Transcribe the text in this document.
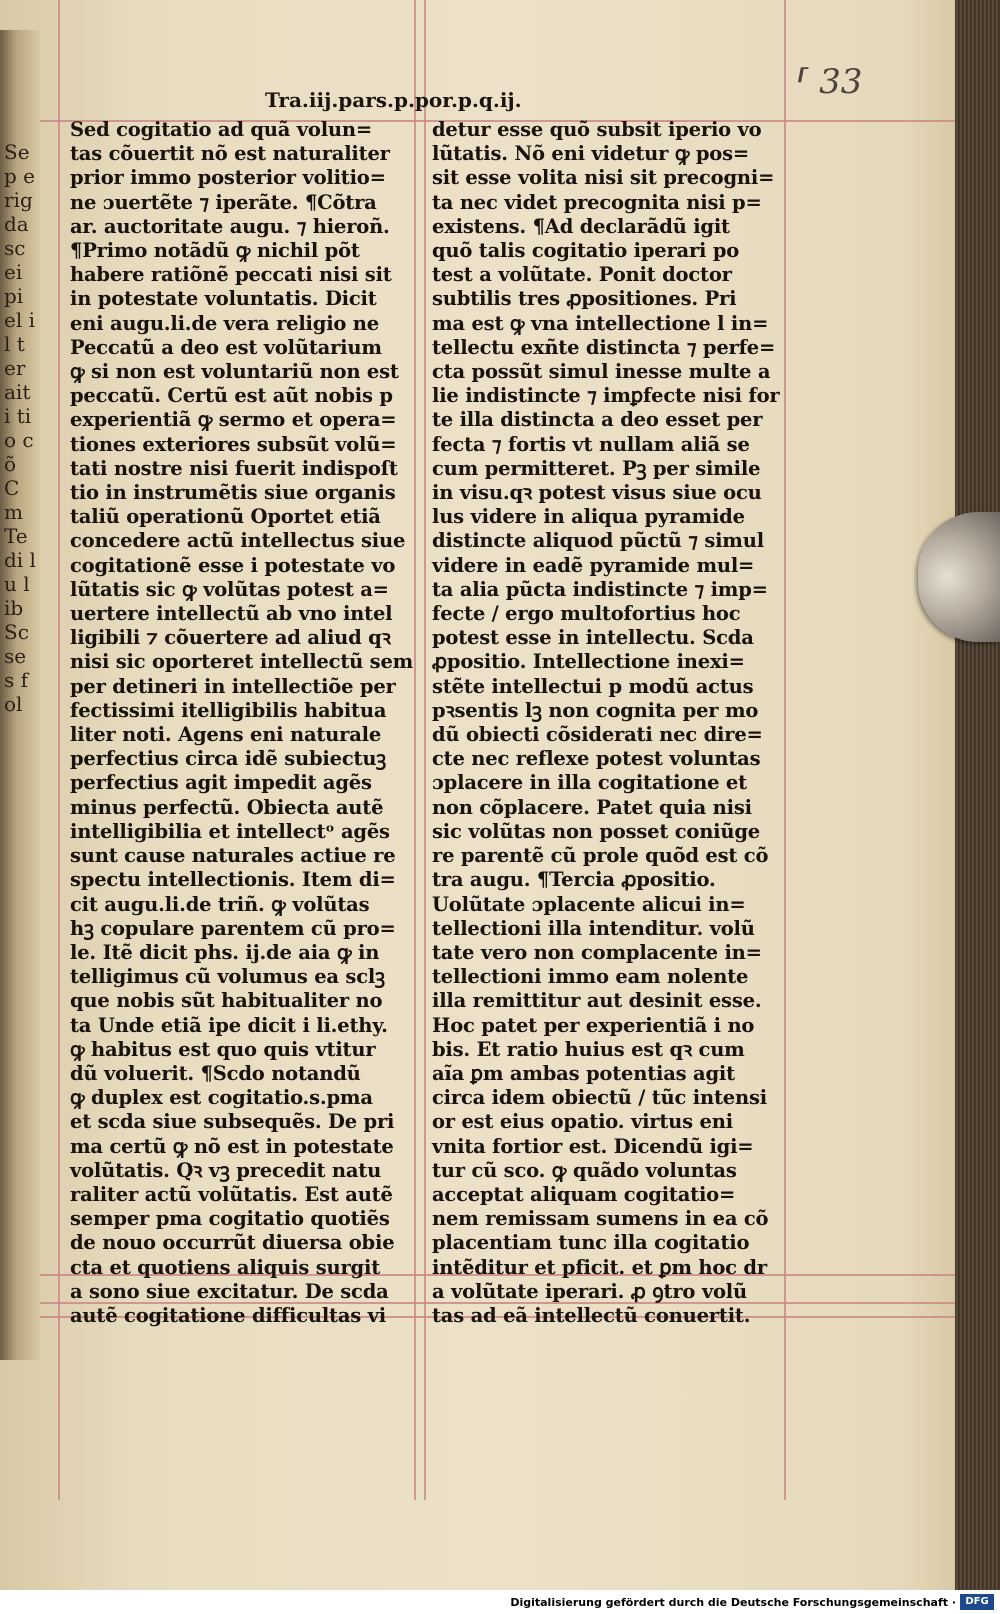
Se p erig da sc ei pi el il ter ait i tio cõ C m Te di lu lib Sc ses f ol
Tra.iij.pars.p.por.p.q.ij.	⸢ 33

Sed cogitatio ad quã volun=

tas cõuertit nõ est naturaliter

prior immo posterior volitio=

ne ɔuertẽte ⁊ iperãte. ¶Cõtra

ar. auctoritate augu. ⁊ hieroñ.

¶Primo notãdũ ꝙ nichil põt

habere ratiõnẽ peccati nisi sit

in potestate voluntatis. Dicit

eni augu.li.de vera religio ne

Peccatũ a deo est volũtarium

ꝙ si non est voluntariũ non est

peccatũ. Certũ est aũt nobis p

experientiã ꝙ sermo et opera=

tiones exteriores subsũt volũ=

tati nostre nisi fuerit indispoſt

tio in instrumẽtis siue organis

taliũ operationũ Oportet etiã

concedere actũ intellectus siue

cogitationẽ esse i potestate vo

lũtatis sic ꝙ volũtas potest a=

uertere intellectũ ab vno intel

ligibili ⁊ cõuertere ad aliud qꝛ

nisi sic oporteret intellectũ sem

per detineri in intellectiõe per

fectissimi itelligibilis habitua

liter noti. Agens eni naturale

perfectius circa idẽ subiectuꝫ

perfectius agit impedit agẽs

minus perfectũ. Obiecta autẽ

intelligibilia et intellectᵒ agẽs

sunt cause naturales actiue re

spectu intellectionis. Item di=

cit augu.li.de triñ. ꝙ volũtas

hꝫ copulare parentem cũ pro=

le. Itẽ dicit phs. ij.de aia ꝙ in

telligimus cũ volumus ea sclꝫ

que nobis sũt habitualiter no

ta Unde etiã ipe dicit i li.ethy.

ꝙ habitus est quo quis vtitur

dũ voluerit. ¶Scdo notandũ

ꝙ duplex est cogitatio.s.pma

et scda siue subsequẽs. De pri

ma certũ ꝙ nõ est in potestate

volũtatis. Qꝛ vꝫ precedit natu

raliter actũ volũtatis. Est autẽ

semper pma cogitatio quotiẽs

de nouo occurrũt diuersa obie

cta et quotiens aliquis surgit

a sono siue excitatur. De scda

autẽ cogitatione difficultas vi

detur esse quõ subsit iperio vo

lũtatis. Nõ eni videtur ꝙ pos=

sit esse volita nisi sit precogni=

ta nec videt precognita nisi p=

existens. ¶Ad declarãdũ igit

quõ talis cogitatio iperari po

test a volũtate. Ponit doctor

subtilis tres ꝓpositiones. Pri

ma est ꝙ vna intellectione l in=

tellectu exñte distincta ⁊ perfe=

cta possũt simul inesse multe a

lie indistincte ⁊ imꝑfecte nisi for

te illa distincta a deo esset per

fecta ⁊ fortis vt nullam aliã se

cum permitteret. Pꝫ per simile

in visu.qꝛ potest visus siue ocu

lus videre in aliqua pyramide

distincte aliquod pũctũ ⁊ simul

videre in eadẽ pyramide mul=

ta alia pũcta indistincte ⁊ imp=

fecte / ergo multofortius hoc

potest esse in intellectu. Scda

ꝓpositio. Intellectione inexi=

stẽte intellectui p modũ actus

pꝛsentis lꝫ non cognita per mo

dũ obiecti cõsiderati nec dire=

cte nec reflexe potest voluntas

ɔplacere in illa cogitatione et

non cõplacere. Patet quia nisi

sic volũtas non posset coniũge

re parentẽ cũ prole quõd est cõ

tra augu. ¶Tercia ꝓpositio.

Uolũtate ɔplacente alicui in=

tellectioni illa intenditur. volũ

tate vero non complacente in=

tellectioni immo eam nolente

illa remittitur aut desinit esse.

Hoc patet per experientiã i no

bis. Et ratio huius est qꝛ cum

aĩa ꝑm ambas potentias agit

circa idem obiectũ / tũc intensi

or est eius opatio. virtus eni

vnita fortior est. Dicendũ igi=

tur cũ sco. ꝙ quãdo voluntas

acceptat aliquam cogitatio=

nem remissam sumens in ea cõ

placentiam tunc illa cogitatio

intẽditur et pficit. et ꝑm hoc dr

a volũtate iperari. ꝓ ꝯtro volũ

tas ad eã intellectũ conuertit.

Digitalisierung gefördert durch die Deutsche Forschungsgemeinschaft · DFG
